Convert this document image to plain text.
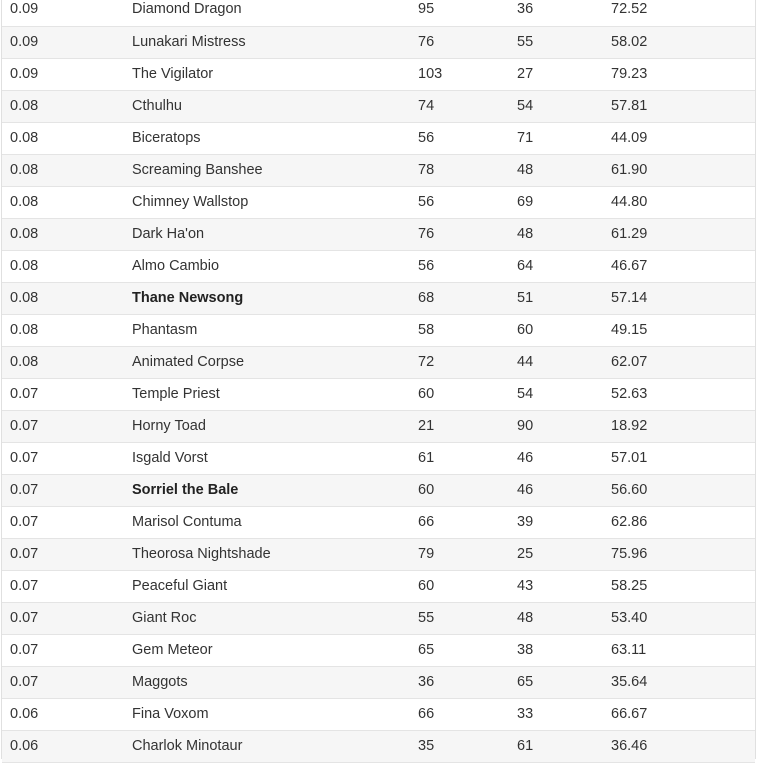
0.09	Diamond Dragon	95	36	72.52
0.09	Lunakari Mistress	76	55	58.02
0.09	The Vigilator	103	27	79.23
0.08	Cthulhu	74	54	57.81
0.08	Biceratops	56	71	44.09
0.08	Screaming Banshee	78	48	61.90
0.08	Chimney Wallstop	56	69	44.80
0.08	Dark Ha'on	76	48	61.29
0.08	Almo Cambio	56	64	46.67
0.08	Thane Newsong	68	51	57.14
0.08	Phantasm	58	60	49.15
0.08	Animated Corpse	72	44	62.07
0.07	Temple Priest	60	54	52.63
0.07	Horny Toad	21	90	18.92
0.07	Isgald Vorst	61	46	57.01
0.07	Sorriel the Bale	60	46	56.60
0.07	Marisol Contuma	66	39	62.86
0.07	Theorosa Nightshade	79	25	75.96
0.07	Peaceful Giant	60	43	58.25
0.07	Giant Roc	55	48	53.40
0.07	Gem Meteor	65	38	63.11
0.07	Maggots	36	65	35.64
0.06	Fina Voxom	66	33	66.67
0.06	Charlok Minotaur	35	61	36.46
